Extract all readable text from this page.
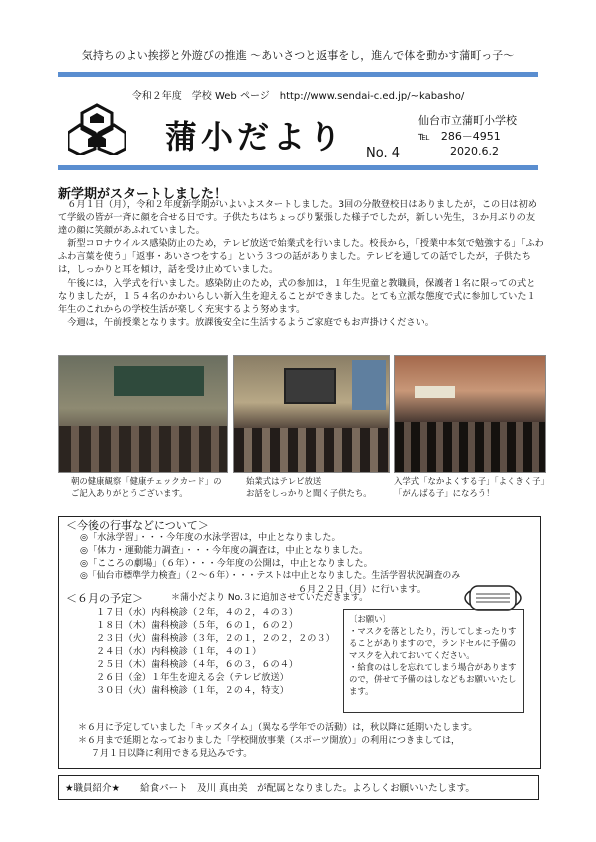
気持ちのよい挨拶と外遊びの推進 ～あいさつと返事をし，進んで体を動かす蒲町っ子～
令和２年度　学校 Web ページ　http://www.sendai-c.ed.jp/~kabasho/
蒲小だより No. 4
仙台市立蒲町小学校
℡　286－4951
2020.6.2
新学期がスタートしました！

６月１日（月），令和２年度新学期がいよいよスタートしました。3回の分散登校日はありましたが，この日は初めて学級の皆が一斉に顔を合せる日です。子供たちはちょっぴり緊張した様子でしたが，新しい先生，３か月ぶりの友達の顔に笑顔があふれていました。

新型コロナウイルス感染防止のため，テレビ放送で始業式を行いました。校長から，「授業中本気で勉強する」「ふわふわ言葉を使う」「返事・あいさつをする」という３つの話がありました。テレビを通しての話でしたが，子供たちは，しっかりと耳を傾け，話を受け止めていました。

午後には，入学式を行いました。感染防止のため，式の参加は，１年生児童と教職員，保護者１名に限っての式となりましたが，１５４名のかわいらしい新入生を迎えることができました。とても立派な態度で式に参加していた１年生のこれからの学校生活が楽しく充実するよう努めます。

今週は，午前授業となります。放課後安全に生活するようご家庭でもお声掛けください。

朝の健康観察「健康チェックカード」の
ご記入ありがとうございます。
始業式はテレビ放送
お話をしっかりと聞く子供たち。
入学式「なかよくする子」「よくきく子」
「がんばる子」になろう！
＜今後の行事などについて＞
◎「水泳学習」・・・今年度の水泳学習は，中止となりました。
◎「体力・運動能力調査」・・・今年度の調査は，中止となりました。
◎「こころの劇場」（６年）・・・今年度の公開は，中止となりました。
◎「仙台市標準学力検査」（２～６年）・・・テストは中止となりました。生活学習状況調査のみ
６月２２日（月）に行います。
＜６月の予定＞	＊蒲小だより No.３に追加させていただきます。
１７日（水）内科検診（２年，４の２，４の３）
１８日（木）歯科検診（５年，６の１，６の２）
２３日（火）歯科検診（３年，２の１，２の２，２の３）
２４日（水）内科検診（１年，４の１）
２５日（木）歯科検診（４年，６の３，６の４）
２６日（金）１年生を迎える会（テレビ放送）
３０日（火）歯科検診（１年，２の４，特支）
〔お願い〕
・マスクを落としたり，汚してしまったりすることがありますので，ランドセルに予備のマスクを入れておいてください。
・給食のはしを忘れてしまう場合がありますので，併せて予備のはしなどもお願いいたします。
＊６月に予定していました「キッズタイム」（異なる学年での活動）は，秋以降に延期いたします。
＊６月まで延期となっておりました「学校開放事業（スポーツ開放）」の利用につきましては，
７月１日以降に利用できる見込みです。
★職員紹介★ 給食パート　及川 真由美　が配属となりました。よろしくお願いいたします。
